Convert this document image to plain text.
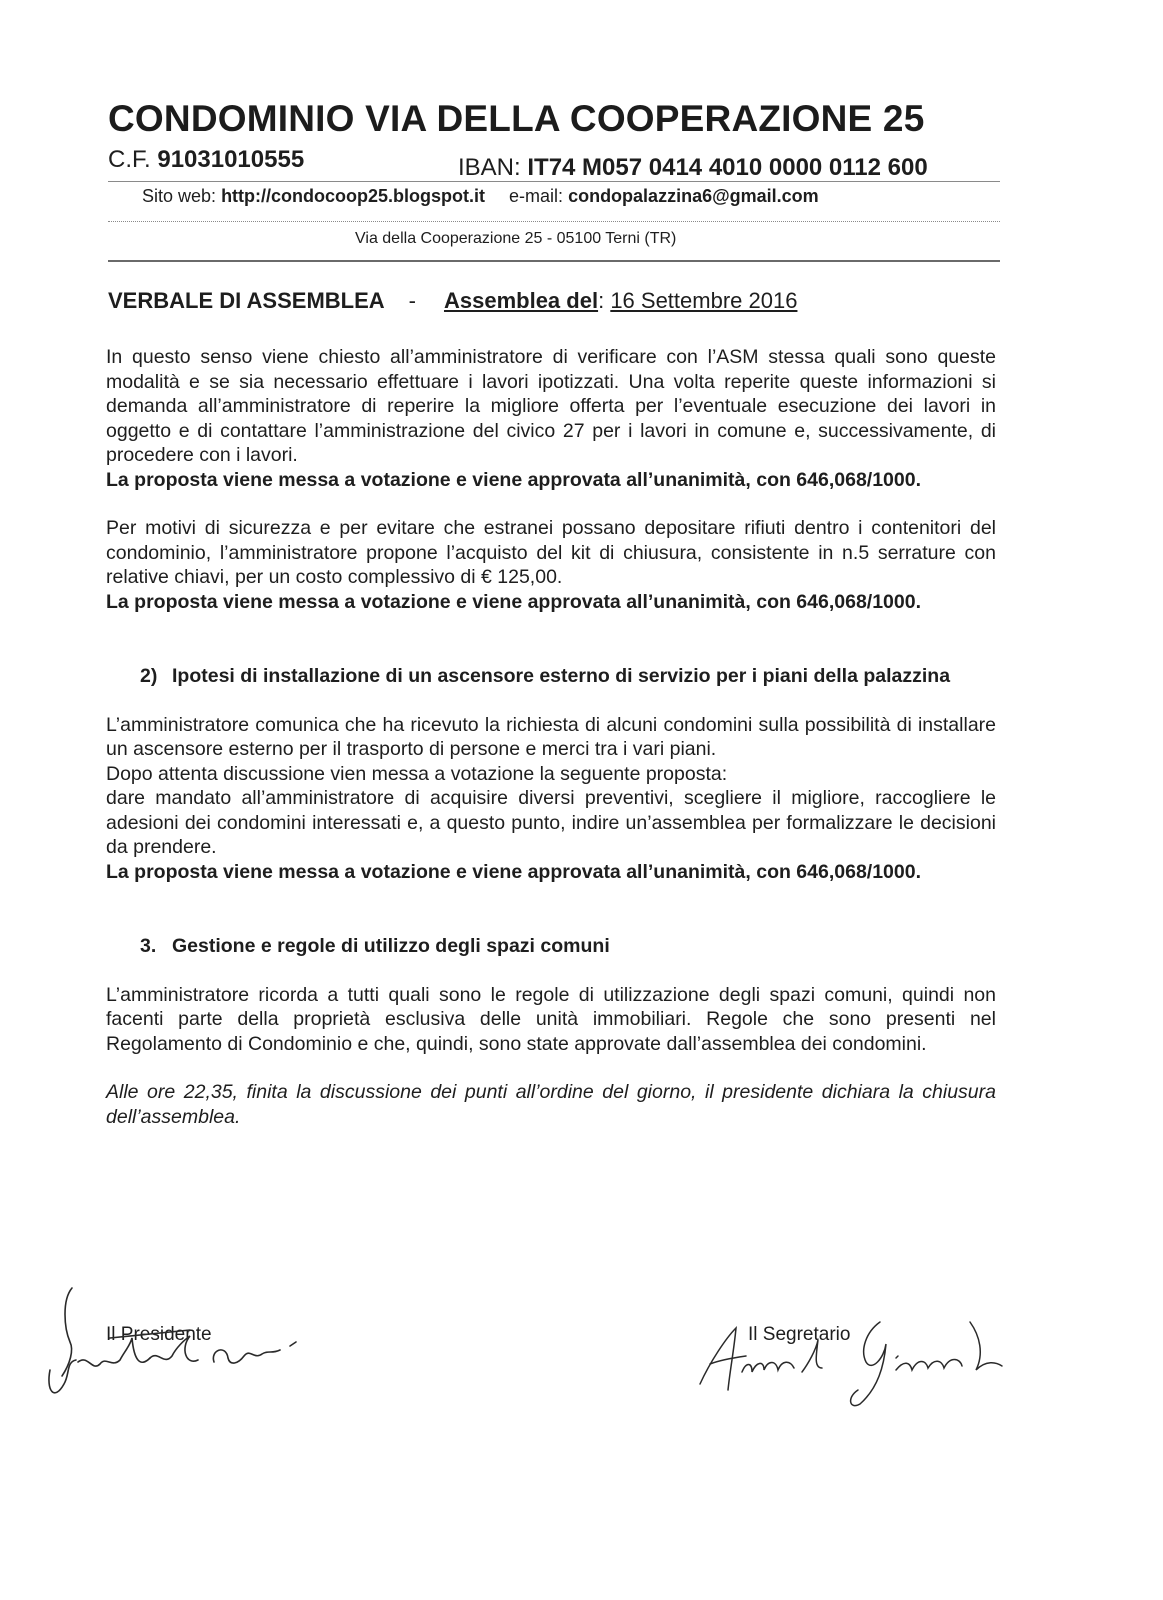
CONDOMINIO VIA DELLA COOPERAZIONE 25
C.F. 91031010555	IBAN: IT74 M057 0414 4010 0000 0112 600
Sito web: http://condocoop25.blogspot.it e-mail: condopalazzina6@gmail.com
Via della Cooperazione 25 - 05100 Terni (TR)
VERBALE DI ASSEMBLEA - Assemblea del: 16 Settembre 2016

In questo senso viene chiesto all’amministratore di verificare con l’ASM stessa quali sono queste modalità e se sia necessario effettuare i lavori ipotizzati. Una volta reperite queste informazioni si demanda all’amministratore di reperire la migliore offerta per l’eventuale esecuzione dei lavori in oggetto e di contattare l’amministrazione del civico 27 per i lavori in comune e, successivamente, di procedere con i lavori.

La proposta viene messa a votazione e viene approvata all’unanimità, con 646,068/1000.

Per motivi di sicurezza e per evitare che estranei possano depositare rifiuti dentro i contenitori del condominio, l’amministratore propone l’acquisto del kit di chiusura, consistente in n.5 serrature con relative chiavi, per un costo complessivo di € 125,00.

La proposta viene messa a votazione e viene approvata all’unanimità, con 646,068/1000.

2) Ipotesi di installazione di un ascensore esterno di servizio per i piani della palazzina

L’amministratore comunica che ha ricevuto la richiesta di alcuni condomini sulla possibilità di installare un ascensore esterno per il trasporto di persone e merci tra i vari piani.

Dopo attenta discussione vien messa a votazione la seguente proposta:

dare mandato all’amministratore di acquisire diversi preventivi, scegliere il migliore, raccogliere le adesioni dei condomini interessati e, a questo punto, indire un’assemblea per formalizzare le decisioni da prendere.

La proposta viene messa a votazione e viene approvata all’unanimità, con 646,068/1000.

3. Gestione e regole di utilizzo degli spazi comuni

L’amministratore ricorda a tutti quali sono le regole di utilizzazione degli spazi comuni, quindi non facenti parte della proprietà esclusiva delle unità immobiliari. Regole che sono presenti nel Regolamento di Condominio e che, quindi, sono state approvate dall’assemblea dei condomini.

Alle ore 22,35, finita la discussione dei punti all’ordine del giorno, il presidente dichiara la chiusura dell’assemblea.

Il Presidente	Il Segretario
